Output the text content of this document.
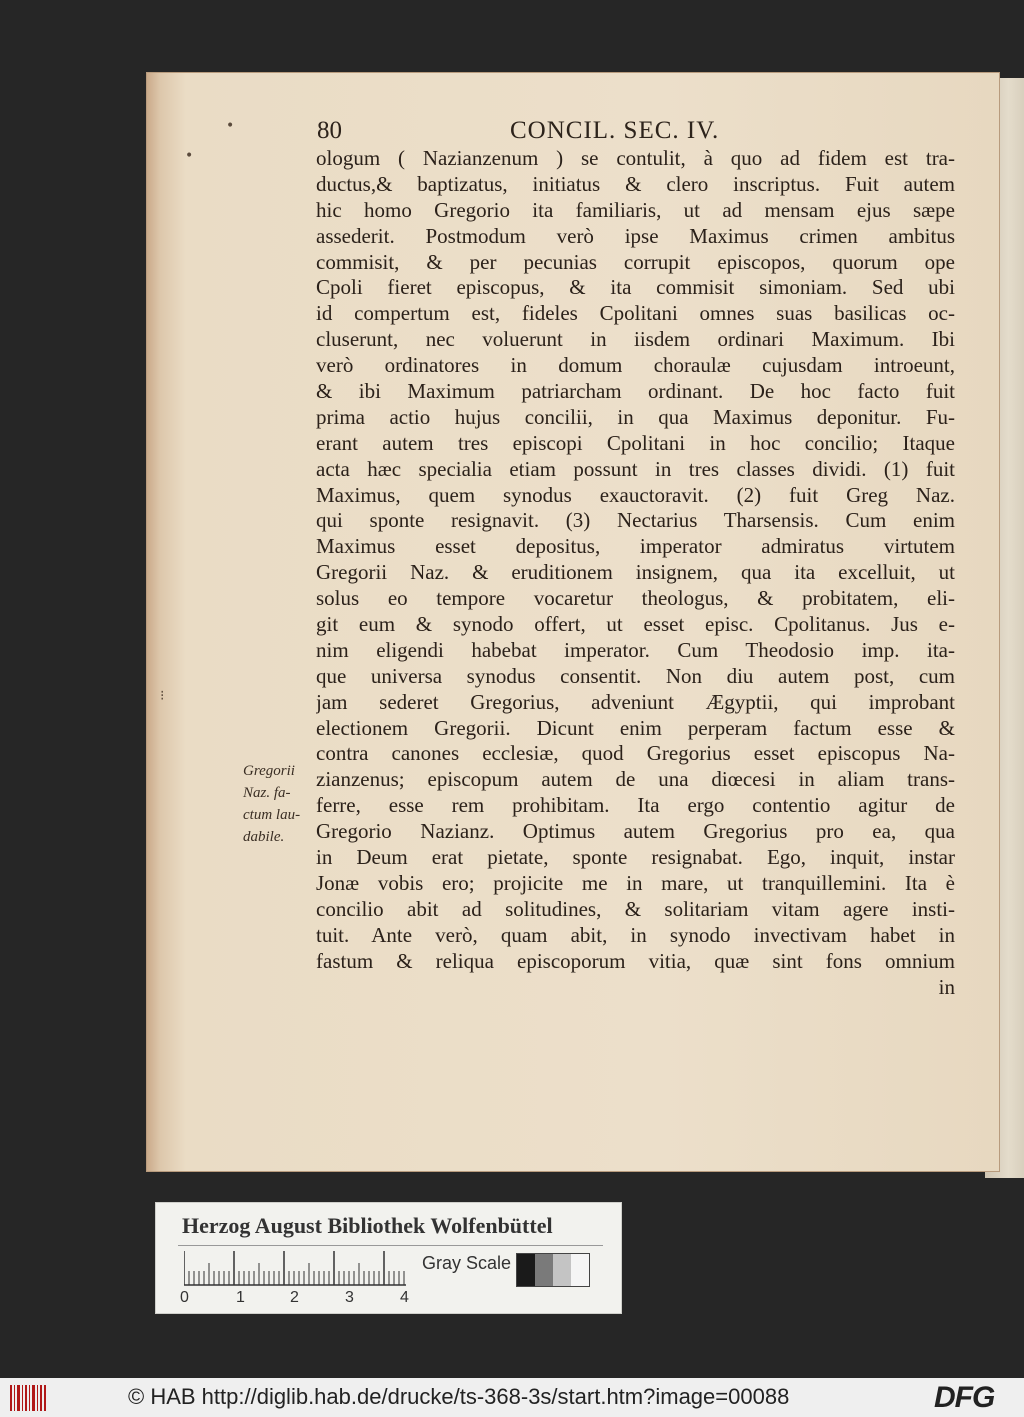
80	CONCIL. SEC. IV.
ologum ( Nazianzenum ) se contulit, à quo ad fidem est tra-
ductus,& baptizatus, initiatus & clero inscriptus. Fuit autem
hic homo Gregorio ita familiaris, ut ad mensam ejus sæpe
assederit. Postmodum verò ipse Maximus crimen ambitus
commisit, & per pecunias corrupit episcopos, quorum ope
Cpoli fieret episcopus, & ita commisit simoniam. Sed ubi
id compertum est, fideles Cpolitani omnes suas basilicas oc-
cluserunt, nec voluerunt in iisdem ordinari Maximum. Ibi
verò ordinatores in domum choraulæ cujusdam introeunt,
& ibi Maximum patriarcham ordinant. De hoc facto fuit
prima actio hujus concilii, in qua Maximus deponitur. Fu-
erant autem tres episcopi Cpolitani in hoc concilio; Itaque
acta hæc specialia etiam possunt in tres classes dividi. (1) fuit
Maximus, quem synodus exauctoravit. (2) fuit Greg Naz.
qui sponte resignavit. (3) Nectarius Tharsensis. Cum enim
Maximus esset depositus, imperator admiratus virtutem
Gregorii Naz. & eruditionem insignem, qua ita excelluit, ut
solus eo tempore vocaretur theologus, & probitatem, eli-
git eum & synodo offert, ut esset episc. Cpolitanus. Jus e-
nim eligendi habebat imperator. Cum Theodosio imp. ita-
que universa synodus consentit. Non diu autem post, cum
jam sederet Gregorius, adveniunt Ægyptii, qui improbant
electionem Gregorii. Dicunt enim perperam factum esse &
contra canones ecclesiæ, quod Gregorius esset episcopus Na-
zianzenus; episcopum autem de una diœcesi in aliam trans-
ferre, esse rem prohibitam. Ita ergo contentio agitur de
Gregorio Nazianz. Optimus autem Gregorius pro ea, qua
in Deum erat pietate, sponte resignabat. Ego, inquit, instar
Jonæ vobis ero; projicite me in mare, ut tranquillemini. Ita è
concilio abit ad solitudines, & solitariam vitam agere insti-
tuit. Ante verò, quam abit, in synodo invectivam habet in
fastum & reliqua episcoporum vitia, quæ sint fons omnium
in
Gregorii
Naz. fa-
ctum lau-
dabile.
•
•
⁝
Herzog August Bibliothek Wolfenbüttel
0	1	2	3	4
Gray Scale
© HAB http://diglib.hab.de/drucke/ts-368-3s/start.htm?image=00088	DFG
